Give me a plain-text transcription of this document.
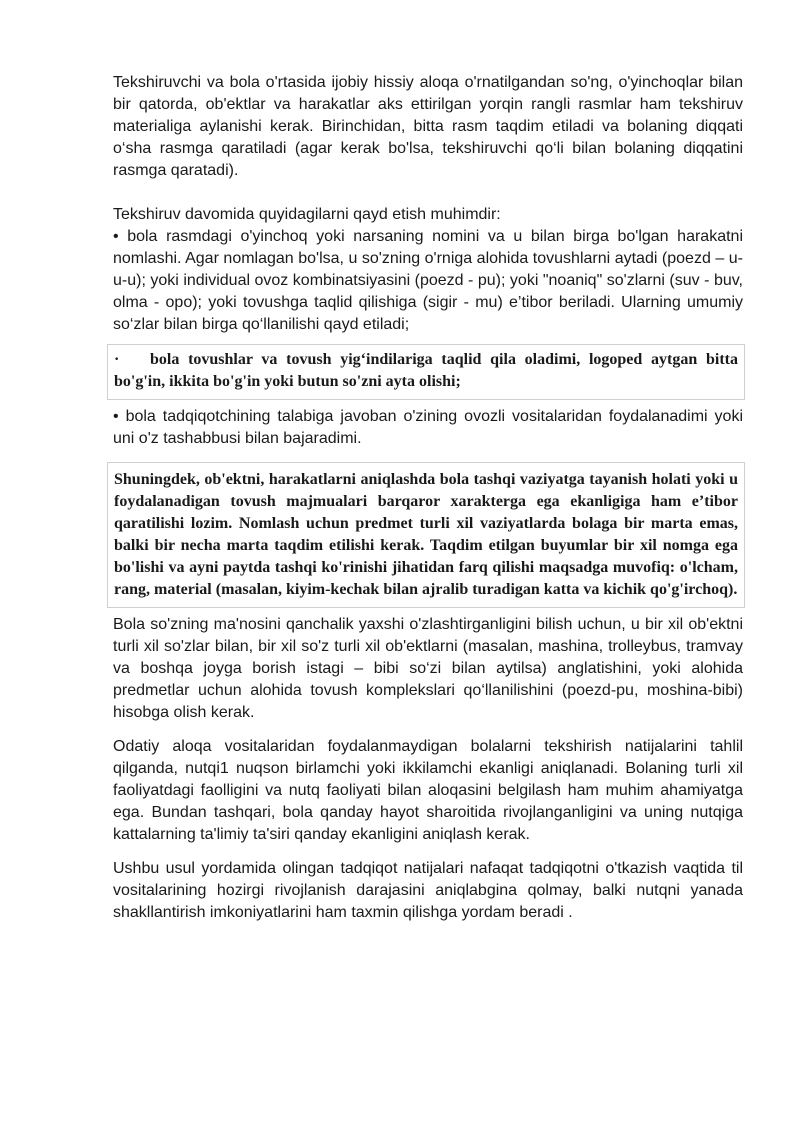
Tekshiruvchi va bola o'rtasida ijobiy hissiy aloqa o'rnatilgandan so'ng, o'yinchoqlar bilan bir qatorda, ob'ektlar va harakatlar aks ettirilgan yorqin rangli rasmlar ham tekshiruv materialiga aylanishi kerak. Birinchidan, bitta rasm taqdim etiladi va bolaning diqqati o‘sha rasmga qaratiladi (agar kerak bo'lsa, tekshiruvchi qo‘li bilan bolaning diqqatini rasmga qaratadi).

Tekshiruv davomida quyidagilarni qayd etish muhimdir:

• bola rasmdagi o'yinchoq yoki narsaning nomini va u bilan birga bo'lgan harakatni nomlashi. Agar nomlagan bo'lsa, u so'zning o'rniga alohida tovushlarni aytadi (poezd – u-u-u); yoki individual ovoz kombinatsiyasini (poezd - pu); yoki "noaniq" so'zlarni (suv - buv, olma - opo); yoki tovushga taqlid qilishiga (sigir - mu) e’tibor beriladi. Ularning umumiy so‘zlar bilan birga qo‘llanilishi qayd etiladi;

· bola tovushlar va tovush yig‘indilariga taqlid qila oladimi, logoped aytgan bitta bo'g'in, ikkita bo'g'in yoki butun so'zni ayta olishi;

• bola tadqiqotchining talabiga javoban o'zining ovozli vositalaridan foydalanadimi yoki uni o'z tashabbusi bilan bajaradimi.

Shuningdek, ob'ektni, harakatlarni aniqlashda bola tashqi vaziyatga tayanish holati yoki u foydalanadigan tovush majmualari barqaror xarakterga ega ekanligiga ham e’tibor qaratilishi lozim. Nomlash uchun predmet turli xil vaziyatlarda bolaga bir marta emas, balki bir necha marta taqdim etilishi kerak. Taqdim etilgan buyumlar bir xil nomga ega bo'lishi va ayni paytda tashqi ko'rinishi jihatidan farq qilishi maqsadga muvofiq: o'lcham, rang, material (masalan, kiyim-kechak bilan ajralib turadigan katta va kichik qo'g'irchoq).

Bola so'zning ma'nosini qanchalik yaxshi o'zlashtirganligini bilish uchun, u bir xil ob'ektni turli xil so'zlar bilan, bir xil so'z turli xil ob'ektlarni (masalan, mashina, trolleybus, tramvay va boshqa joyga borish istagi – bibi so‘zi bilan aytilsa) anglatishini, yoki alohida predmetlar uchun alohida tovush komplekslari qo‘llanilishini (poezd-pu, moshina-bibi) hisobga olish kerak.

Odatiy aloqa vositalaridan foydalanmaydigan bolalarni tekshirish natijalarini tahlil qilganda, nutqi1 nuqson birlamchi yoki ikkilamchi ekanligi aniqlanadi. Bolaning turli xil faoliyatdagi faolligini va nutq faoliyati bilan aloqasini belgilash ham muhim ahamiyatga ega. Bundan tashqari, bola qanday hayot sharoitida rivojlanganligini va uning nutqiga kattalarning ta'limiy ta'siri qanday ekanligini aniqlash kerak.

Ushbu usul yordamida olingan tadqiqot natijalari nafaqat tadqiqotni o'tkazish vaqtida til vositalarining hozirgi rivojlanish darajasini aniqlabgina qolmay, balki nutqni yanada shakllantirish imkoniyatlarini ham taxmin qilishga yordam beradi .
